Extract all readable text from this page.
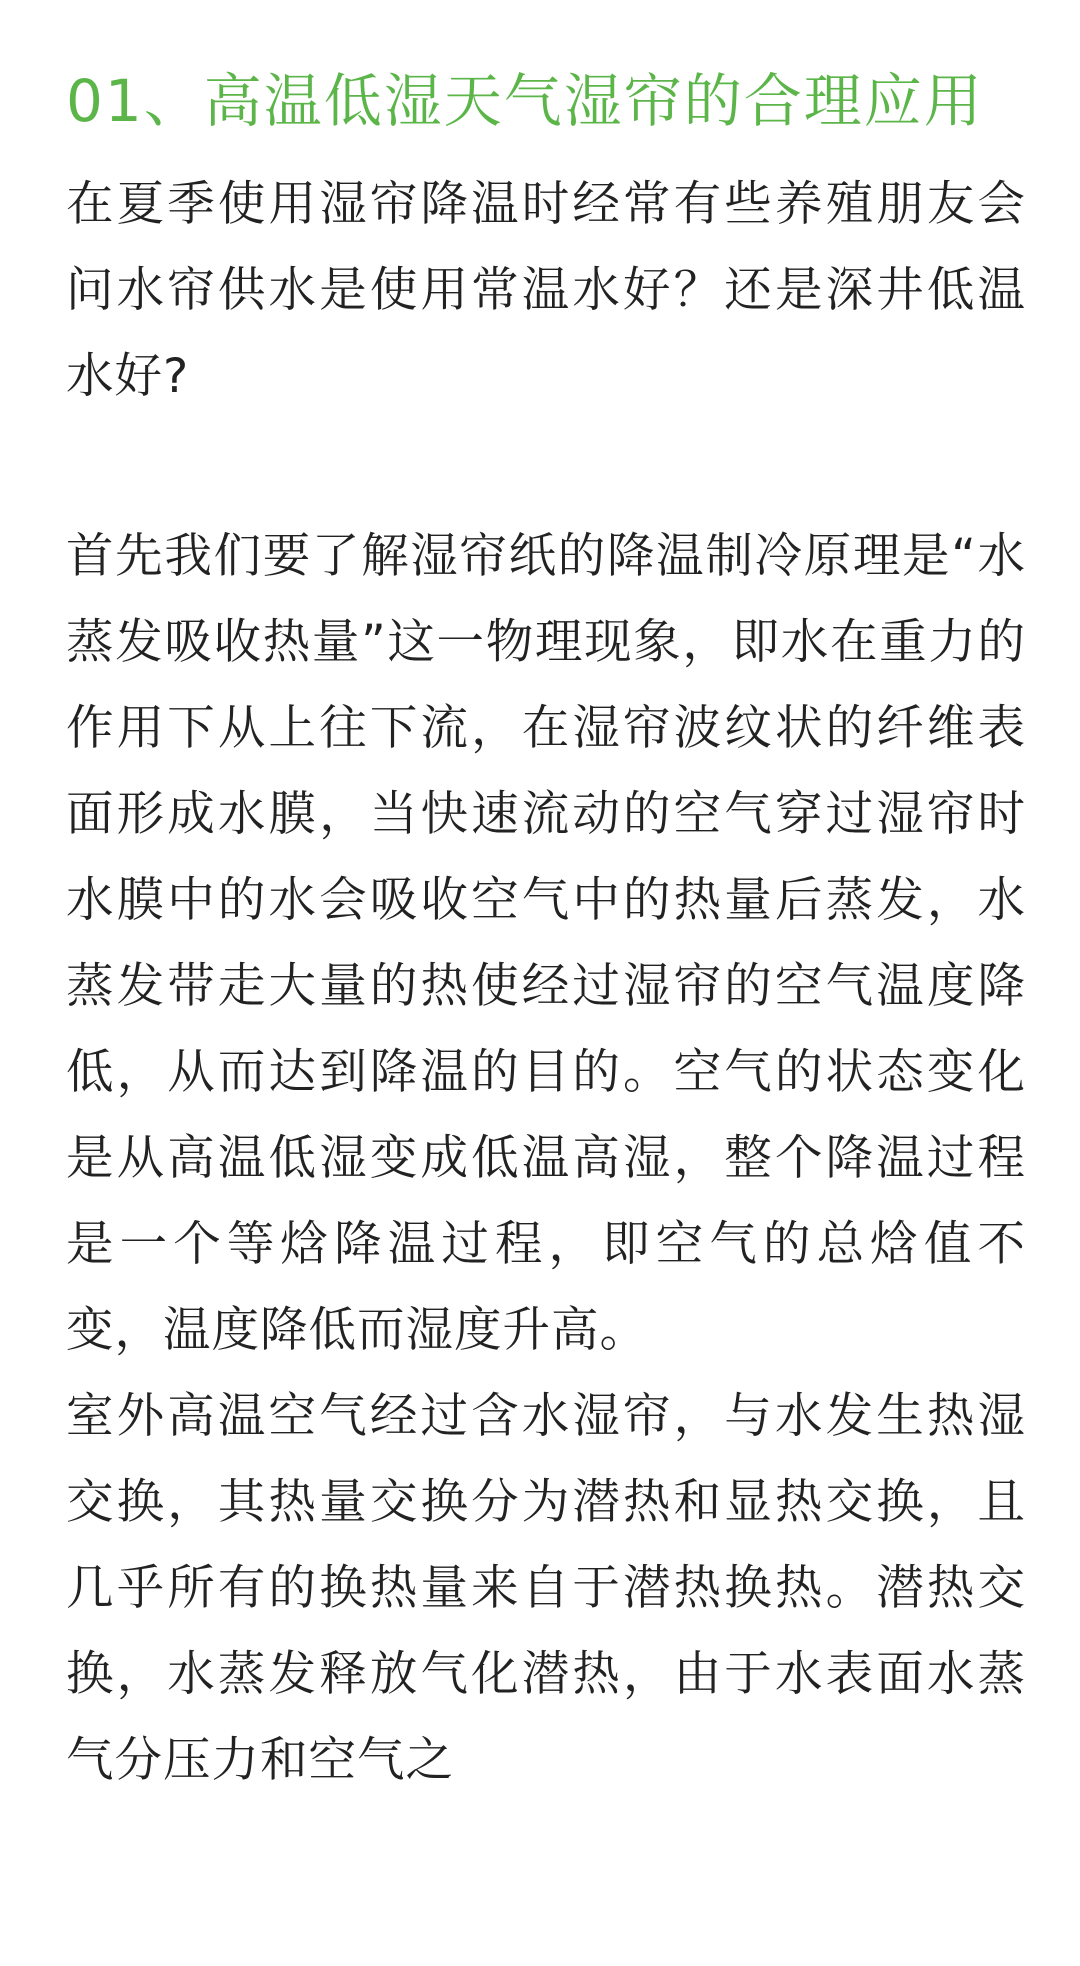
01、高温低湿天气湿帘的合理应用

在夏季使用湿帘降温时经常有些养殖朋友会问水帘供水是使用常温水好？还是深井低温水好?

首先我们要了解湿帘纸的降温制冷原理是“水蒸发吸收热量”这一物理现象，即水在重力的作用下从上往下流，在湿帘波纹状的纤维表面形成水膜，当快速流动的空气穿过湿帘时水膜中的水会吸收空气中的热量后蒸发，水蒸发带走大量的热使经过湿帘的空气温度降低，从而达到降温的目的。空气的状态变化是从高温低湿变成低温高湿，整个降温过程是一个等焓降温过程，即空气的总焓值不变，温度降低而湿度升高。

室外高温空气经过含水湿帘，与水发生热湿交换，其热量交换分为潜热和显热交换，且几乎所有的换热量来自于潜热换热。潜热交换，水蒸发释放气化潜热，由于水表面水蒸气分压力和空气之
